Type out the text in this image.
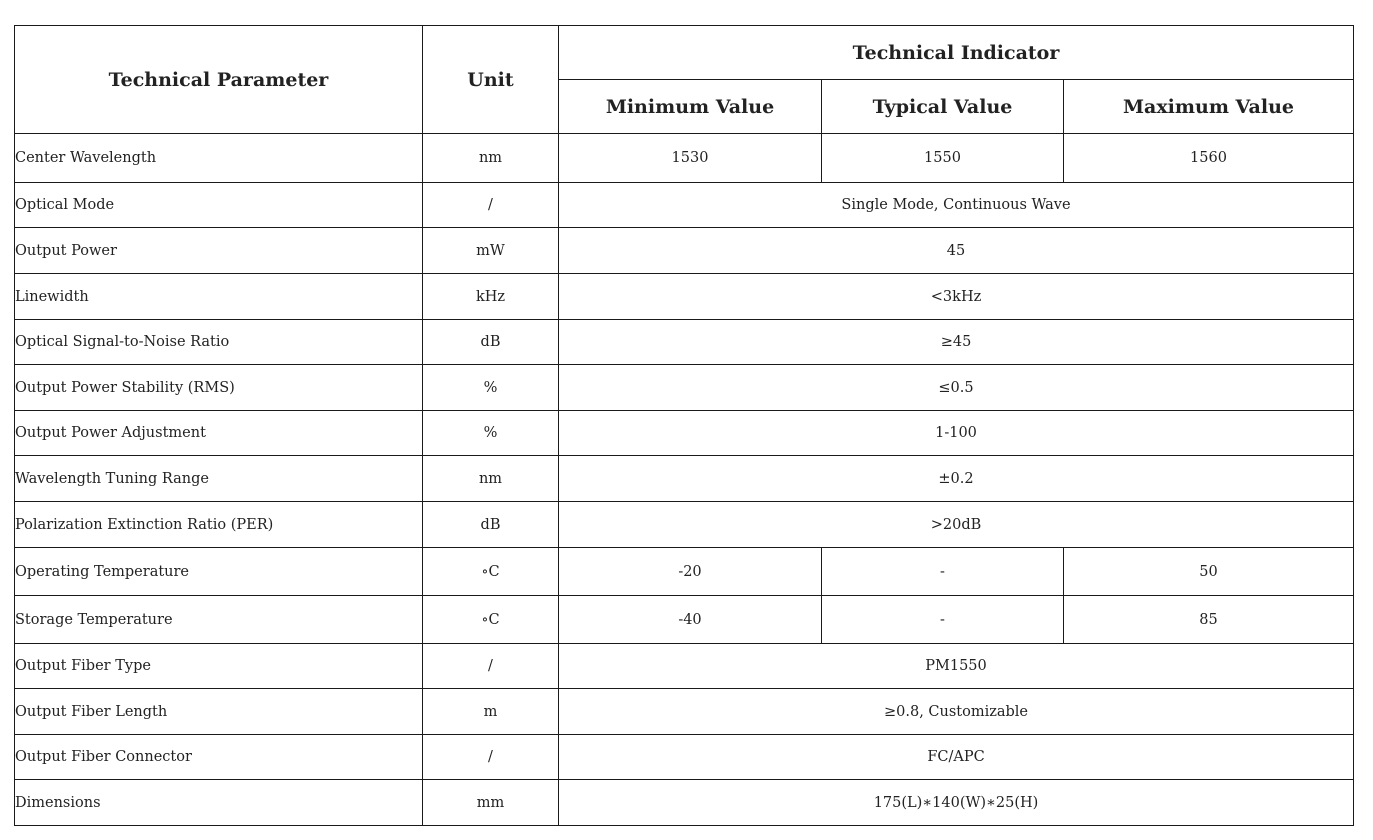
Technical Parameter	Unit	Technical Indicator		
		Minimum Value	Typical Value	Maximum Value
Center Wavelength	nm	1530	1550	1560
Optical Mode	/	Single Mode, Continuous Wave		
Output Power	mW	45		
Linewidth	kHz	<3kHz		
Optical Signal-to-Noise Ratio	dB	≥45		
Output Power Stability (RMS)	%	≤0.5		
Output Power Adjustment	%	1-100		
Wavelength Tuning Range	nm	±0.2		
Polarization Extinction Ratio (PER)	dB	>20dB		
Operating Temperature	∘C	-20	-	50
Storage Temperature	∘C	-40	-	85
Output Fiber Type	/	PM1550		
Output Fiber Length	m	≥0.8, Customizable		
Output Fiber Connector	/	FC/APC		
Dimensions	mm	175(L)∗140(W)∗25(H)		
